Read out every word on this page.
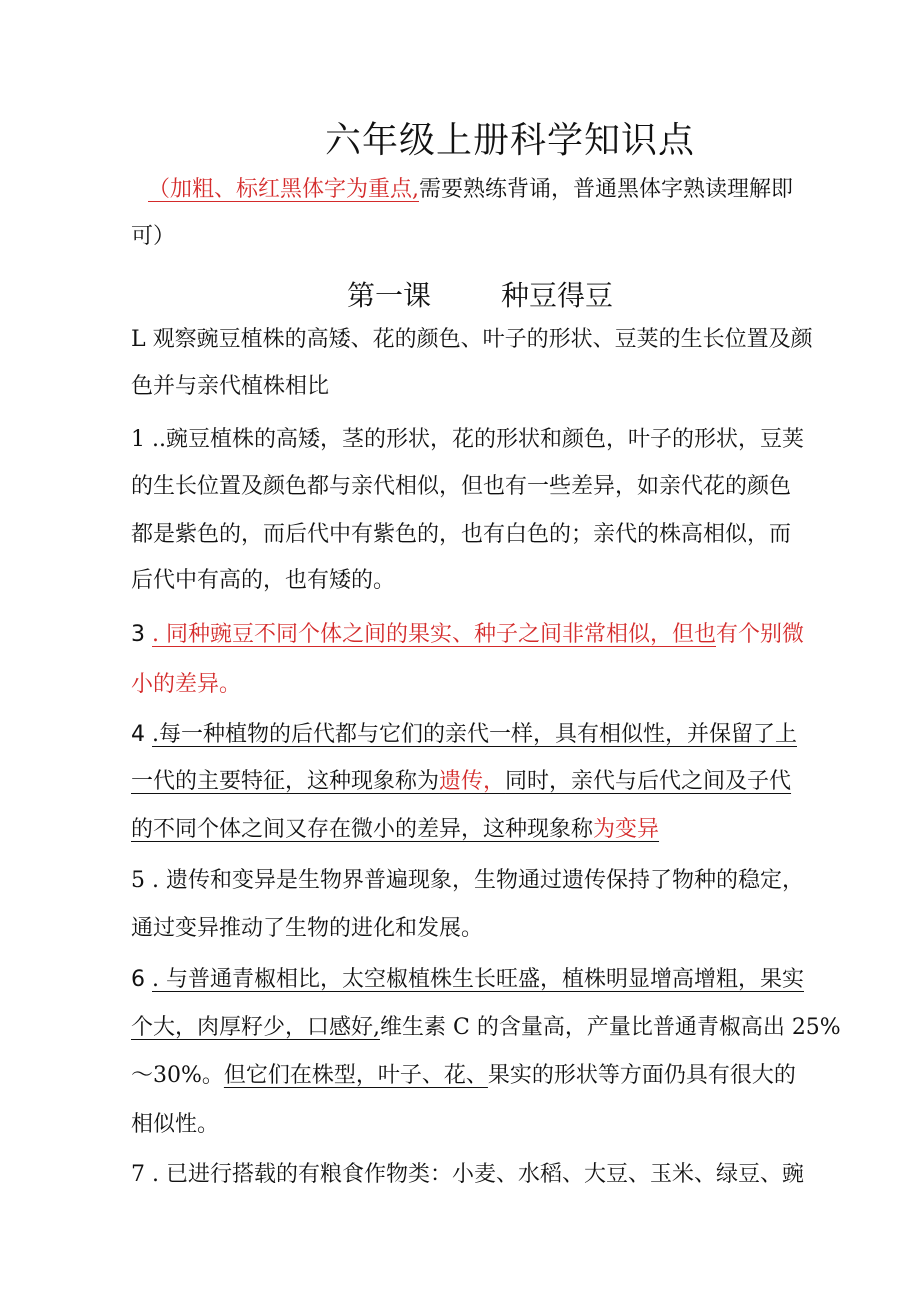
六年级上册科学知识点
（加粗、标红黑体字为重点,需要熟练背诵，普通黑体字熟读理解即
可）
第一课	种豆得豆
L 观察豌豆植株的高矮、花的颜色、叶子的形状、豆荚的生长位置及颜
色并与亲代植株相比
1 ..豌豆植株的高矮，茎的形状，花的形状和颜色，叶子的形状，豆荚
的生长位置及颜色都与亲代相似，但也有一些差异，如亲代花的颜色
都是紫色的，而后代中有紫色的，也有白色的；亲代的株高相似，而
后代中有高的，也有矮的。
3 . 同种豌豆不同个体之间的果实、种子之间非常相似，但也有个别微
小的差异。
4 .每一种植物的后代都与它们的亲代一样，具有相似性，并保留了上
一代的主要特征，这种现象称为遗传，同时，亲代与后代之间及子代
的不同个体之间又存在微小的差异，这种现象称为变异
5 . 遗传和变异是生物界普遍现象，生物通过遗传保持了物种的稳定，
通过变异推动了生物的进化和发展。
6 . 与普通青椒相比，太空椒植株生长旺盛，植株明显增高增粗，果实
个大，肉厚籽少，口感好,维生素 C 的含量高，产量比普通青椒高出 25%
〜30%。但它们在株型，叶子、花、果实的形状等方面仍具有很大的
相似性。
7 . 已进行搭载的有粮食作物类：小麦、水稻、大豆、玉米、绿豆、豌
